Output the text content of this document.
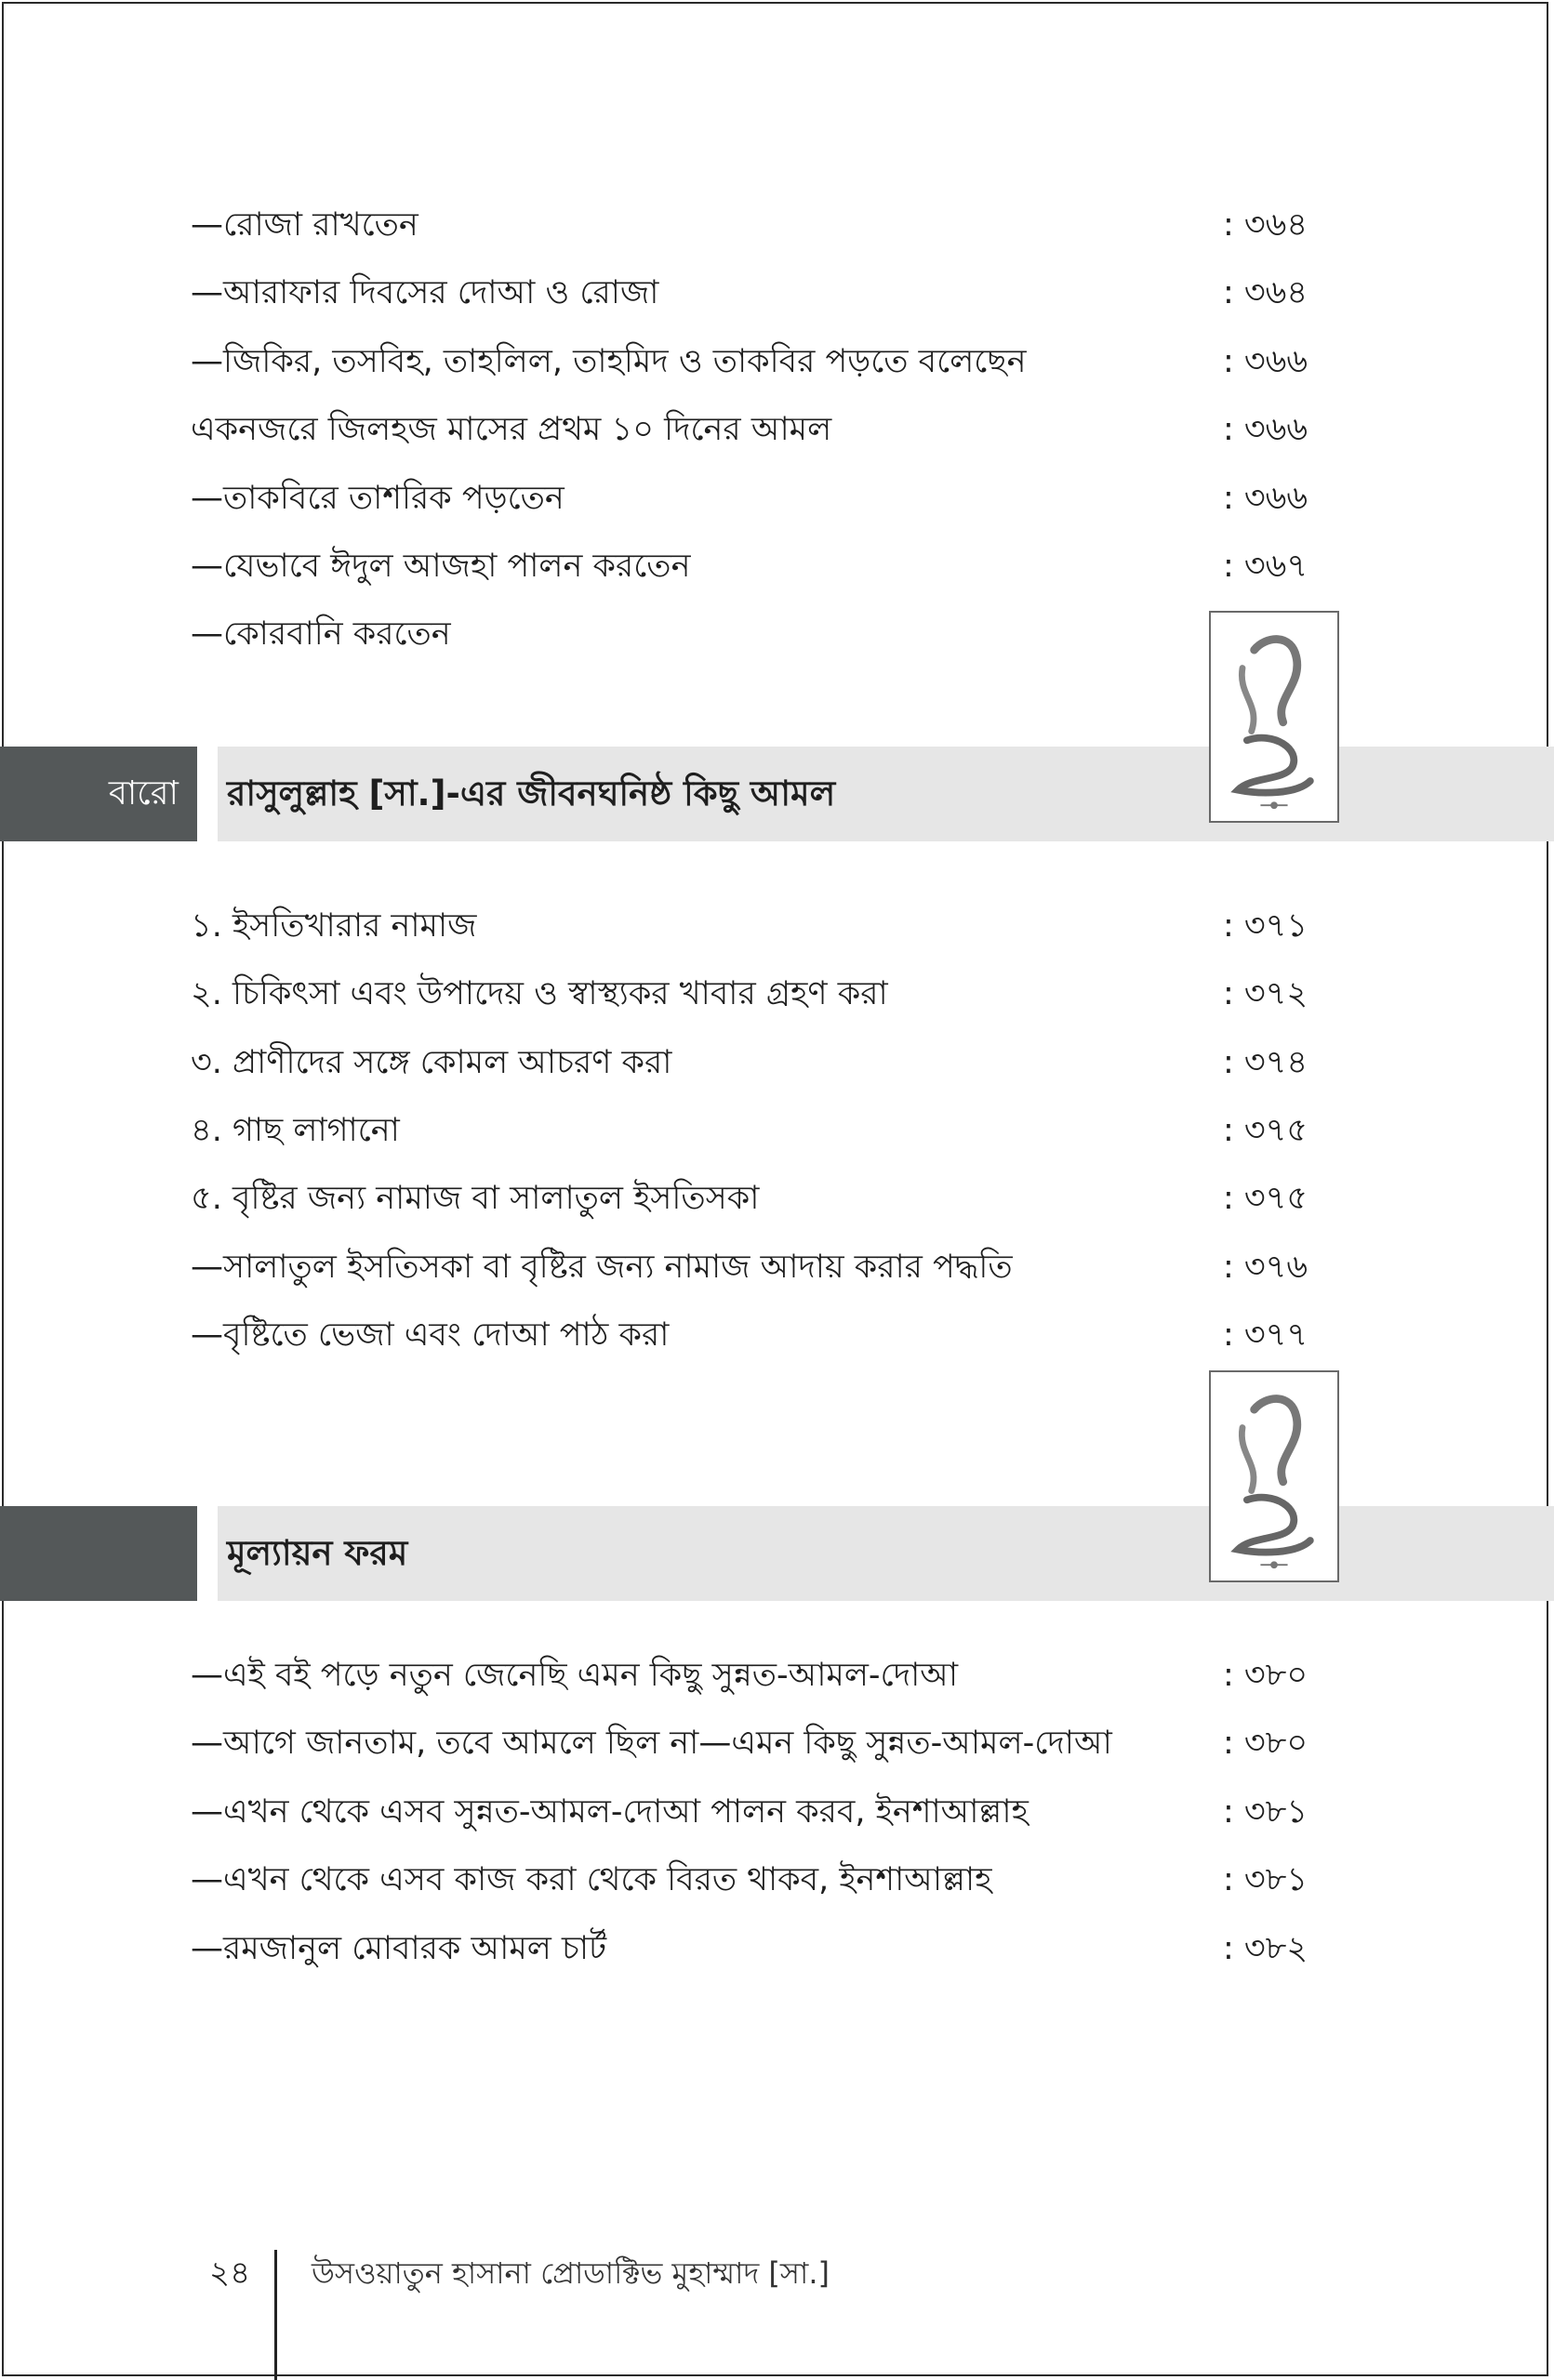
—রোজা রাখতেন	: ৩৬৪
—আরাফার দিবসের দোআ ও রোজা	: ৩৬৪
—জিকির, তসবিহ, তাহলিল, তাহমিদ ও তাকবির পড়তে বলেছেন	: ৩৬৬
একনজরে জিলহজ মাসের প্রথম ১০ দিনের আমল	: ৩৬৬
—তাকবিরে তাশরিক পড়তেন	: ৩৬৬
—যেভাবে ঈদুল আজহা পালন করতেন	: ৩৬৭
—কোরবানি করতেন
বারো	রাসুলুল্লাহ [সা.]-এর জীবনঘনিষ্ঠ কিছু আমল
১. ইসতিখারার নামাজ	: ৩৭১
২. চিকিৎসা এবং উপাদেয় ও স্বাস্থ্যকর খাবার গ্রহণ করা	: ৩৭২
৩. প্রাণীদের সঙ্গে কোমল আচরণ করা	: ৩৭৪
৪. গাছ লাগানো	: ৩৭৫
৫. বৃষ্টির জন্য নামাজ বা সালাতুল ইসতিসকা	: ৩৭৫
—সালাতুল ইসতিসকা বা বৃষ্টির জন্য নামাজ আদায় করার পদ্ধতি	: ৩৭৬
—বৃষ্টিতে ভেজা এবং দোআ পাঠ করা	: ৩৭৭
মূল্যায়ন ফরম
—এই বই পড়ে নতুন জেনেছি এমন কিছু সুন্নত-আমল-দোআ	: ৩৮০
—আগে জানতাম, তবে আমলে ছিল না—এমন কিছু সুন্নত-আমল-দোআ	: ৩৮০
—এখন থেকে এসব সুন্নত-আমল-দোআ পালন করব, ইনশাআল্লাহ	: ৩৮১
—এখন থেকে এসব কাজ করা থেকে বিরত থাকব, ইনশাআল্লাহ	: ৩৮১
—রমজানুল মোবারক আমল চার্ট	: ৩৮২
২৪ উসওয়াতুন হাসানা প্রোডাক্টিভ মুহাম্মাদ [সা.]
